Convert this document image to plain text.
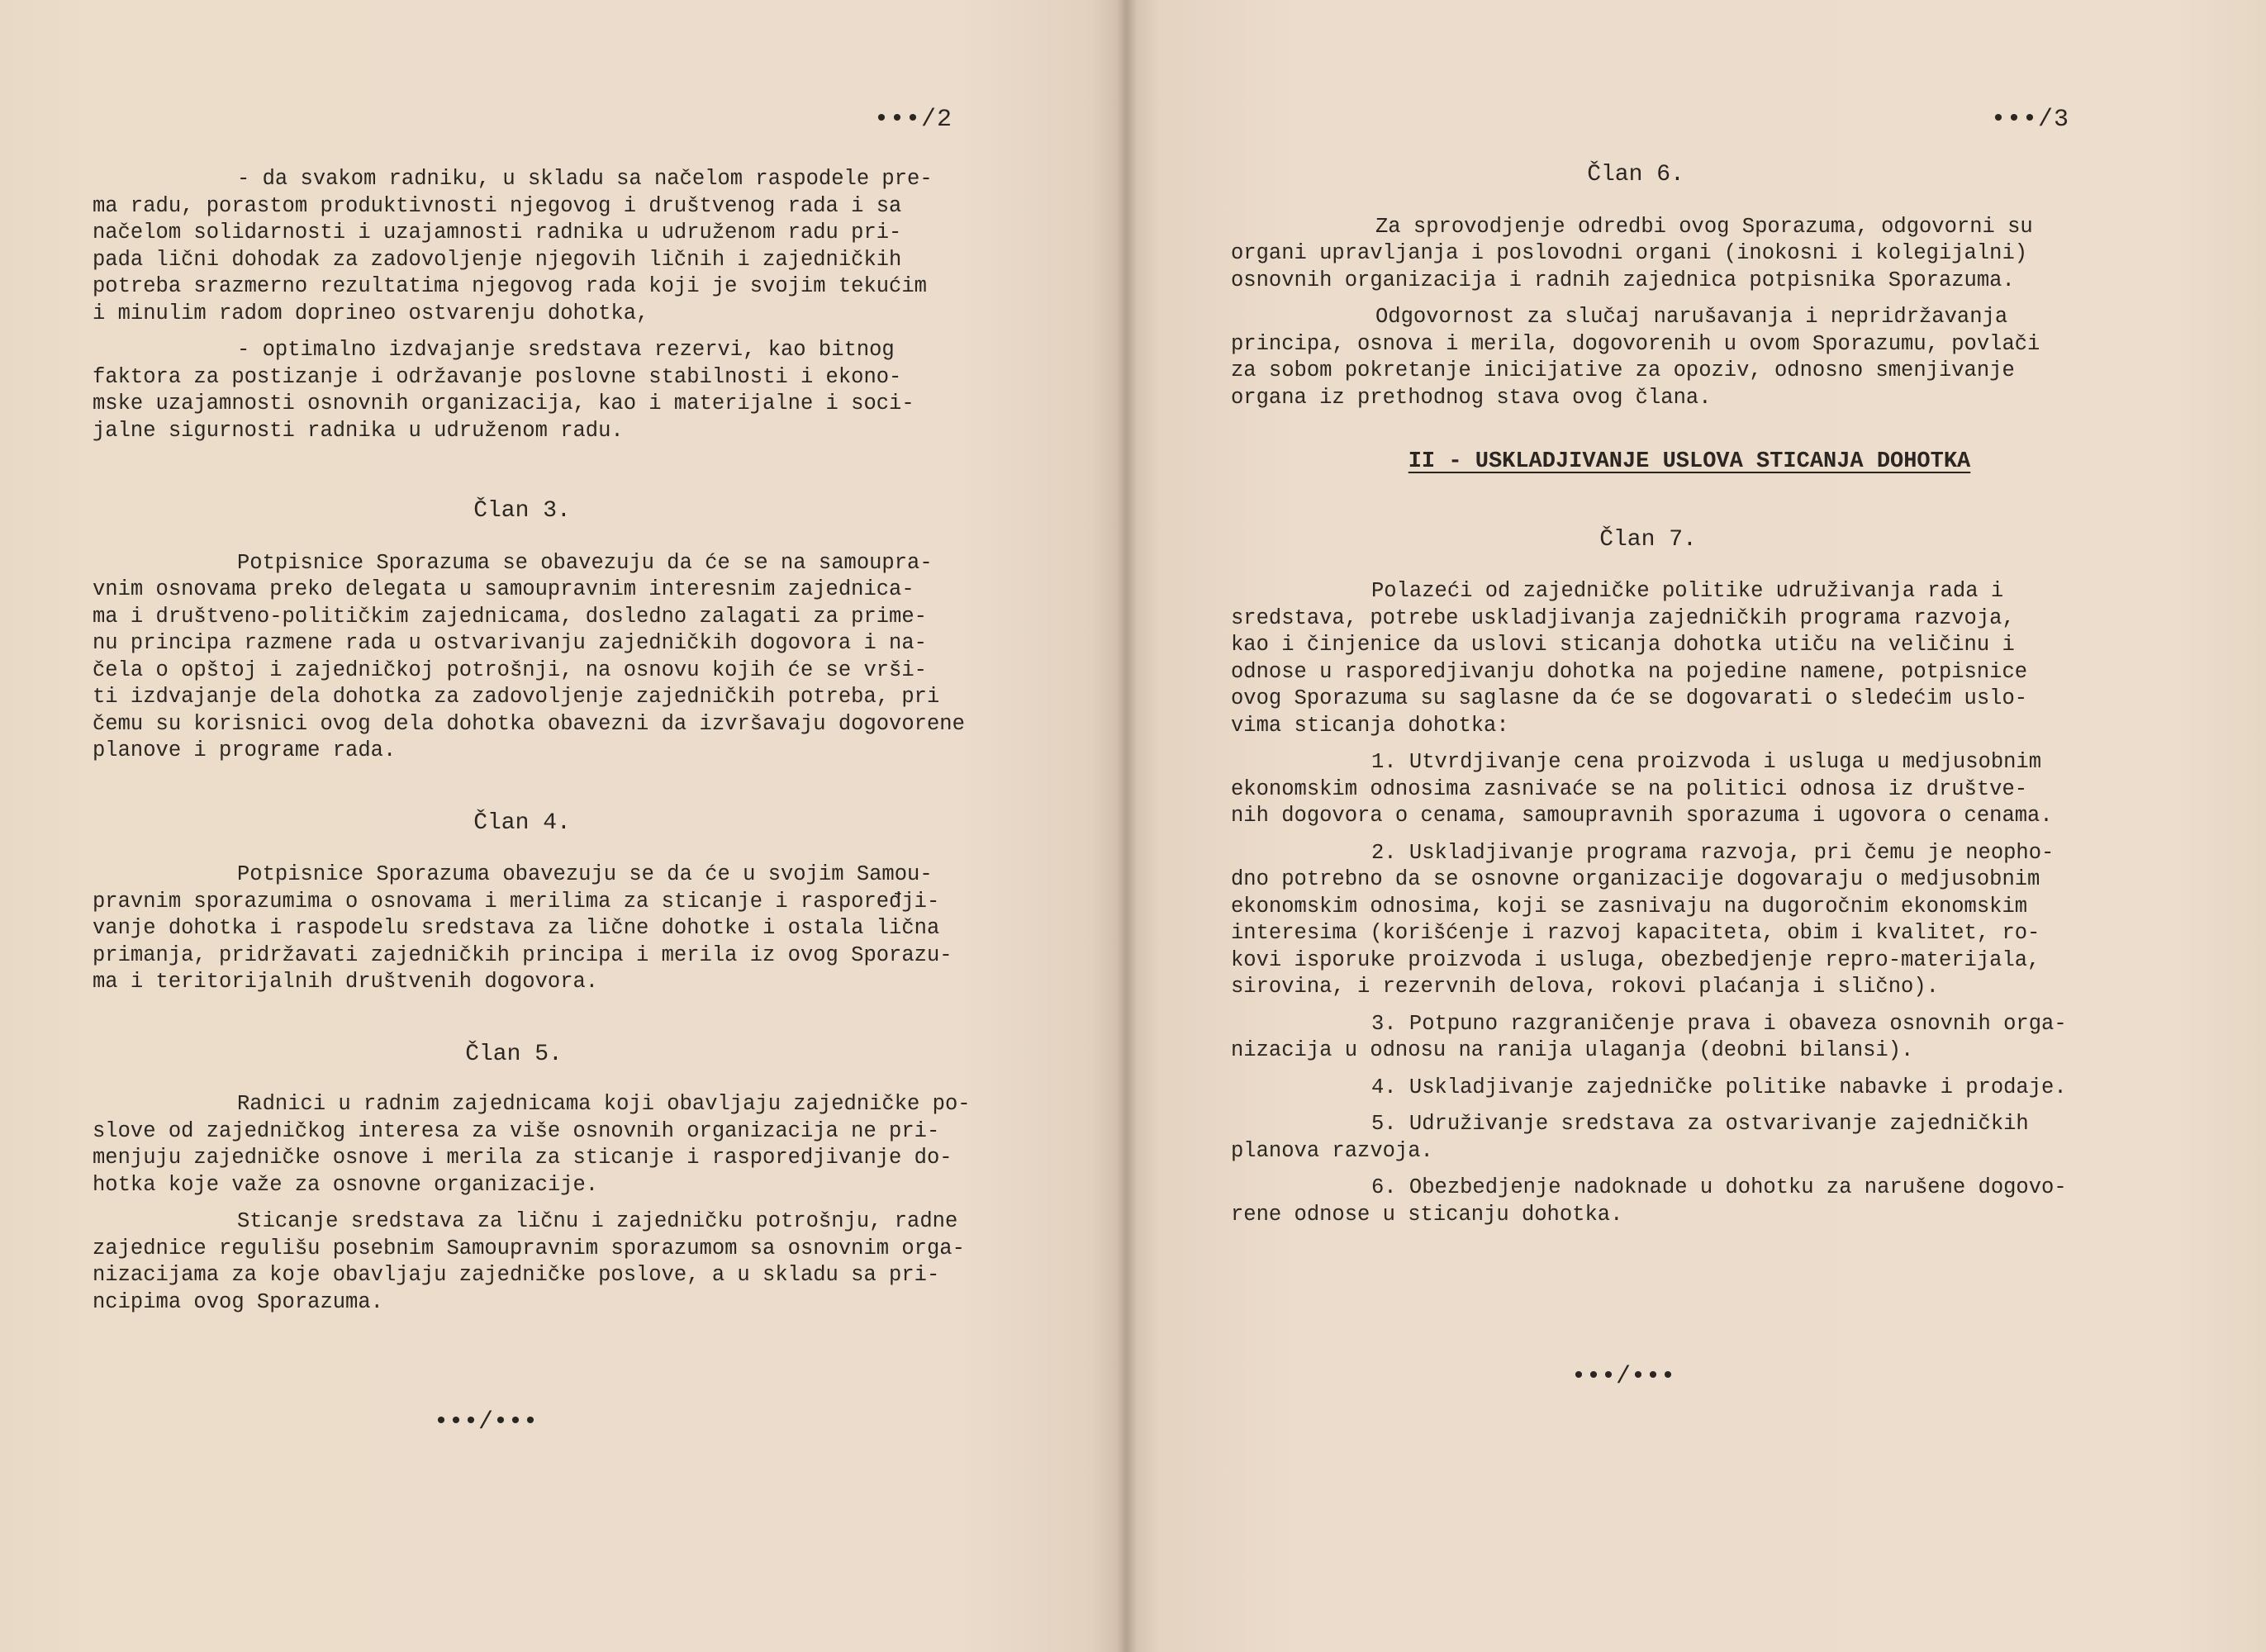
•••/2

- da svakom radniku, u skladu sa načelom raspodele pre-

ma radu, porastom produktivnosti njegovog i društvenog rada i sa

načelom solidarnosti i uzajamnosti radnika u udruženom radu pri-

pada lični dohodak za zadovoljenje njegovih ličnih i zajedničkih

potreba srazmerno rezultatima njegovog rada koji je svojim tekućim

i minulim radom doprineo ostvarenju dohotka,

- optimalno izdvajanje sredstava rezervi, kao bitnog

faktora za postizanje i održavanje poslovne stabilnosti i ekono-

mske uzajamnosti osnovnih organizacija, kao i materijalne i soci-

jalne sigurnosti radnika u udruženom radu.

Član 3.

Potpisnice Sporazuma se obavezuju da će se na samoupra-

vnim osnovama preko delegata u samoupravnim interesnim zajednica-

ma i društveno-političkim zajednicama, dosledno zalagati za prime-

nu principa razmene rada u ostvarivanju zajedničkih dogovora i na-

čela o opštoj i zajedničkoj potrošnji, na osnovu kojih će se vrši-

ti izdvajanje dela dohotka za zadovoljenje zajedničkih potreba, pri

čemu su korisnici ovog dela dohotka obavezni da izvršavaju dogovorene

planove i programe rada.

Član 4.

Potpisnice Sporazuma obavezuju se da će u svojim Samou-

pravnim sporazumima o osnovama i merilima za sticanje i raspoređji-

vanje dohotka i raspodelu sredstava za lične dohotke i ostala lična

primanja, pridržavati zajedničkih principa i merila iz ovog Sporazu-

ma i teritorijalnih društvenih dogovora.

Član 5.

Radnici u radnim zajednicama koji obavljaju zajedničke po-

slove od zajedničkog interesa za više osnovnih organizacija ne pri-

menjuju zajedničke osnove i merila za sticanje i rasporedjivanje do-

hotka koje važe za osnovne organizacije.

Sticanje sredstava za ličnu i zajedničku potrošnju, radne

zajednice regulišu posebnim Samoupravnim sporazumom sa osnovnim orga-

nizacijama za koje obavljaju zajedničke poslove, a u skladu sa pri-

ncipima ovog Sporazuma.

•••/•••
•••/3

Član 6.

Za sprovodjenje odredbi ovog Sporazuma, odgovorni su

organi upravljanja i poslovodni organi (inokosni i kolegijalni)

osnovnih organizacija i radnih zajednica potpisnika Sporazuma.

Odgovornost za slučaj narušavanja i nepridržavanja

principa, osnova i merila, dogovorenih u ovom Sporazumu, povlači

za sobom pokretanje inicijative za opoziv, odnosno smenjivanje

organa iz prethodnog stava ovog člana.

II - USKLADJIVANJE USLOVA STICANJA DOHOTKA

Član 7.

Polazeći od zajedničke politike udruživanja rada i

sredstava, potrebe uskladjivanja zajedničkih programa razvoja,

kao i činjenice da uslovi sticanja dohotka utiču na veličinu i

odnose u rasporedjivanju dohotka na pojedine namene, potpisnice

ovog Sporazuma su saglasne da će se dogovarati o sledećim uslo-

vima sticanja dohotka:

1. Utvrdjivanje cena proizvoda i usluga u medjusobnim

ekonomskim odnosima zasnivaće se na politici odnosa iz društve-

nih dogovora o cenama, samoupravnih sporazuma i ugovora o cenama.

2. Uskladjivanje programa razvoja, pri čemu je neopho-

dno potrebno da se osnovne organizacije dogovaraju o medjusobnim

ekonomskim odnosima, koji se zasnivaju na dugoročnim ekonomskim

interesima (korišćenje i razvoj kapaciteta, obim i kvalitet, ro-

kovi isporuke proizvoda i usluga, obezbedjenje repro-materijala,

sirovina, i rezervnih delova, rokovi plaćanja i slično).

3. Potpuno razgraničenje prava i obaveza osnovnih orga-

nizacija u odnosu na ranija ulaganja (deobni bilansi).

4. Uskladjivanje zajedničke politike nabavke i prodaje.

5. Udruživanje sredstava za ostvarivanje zajedničkih

planova razvoja.

6. Obezbedjenje nadoknade u dohotku za narušene dogovo-

rene odnose u sticanju dohotka.

•••/•••
